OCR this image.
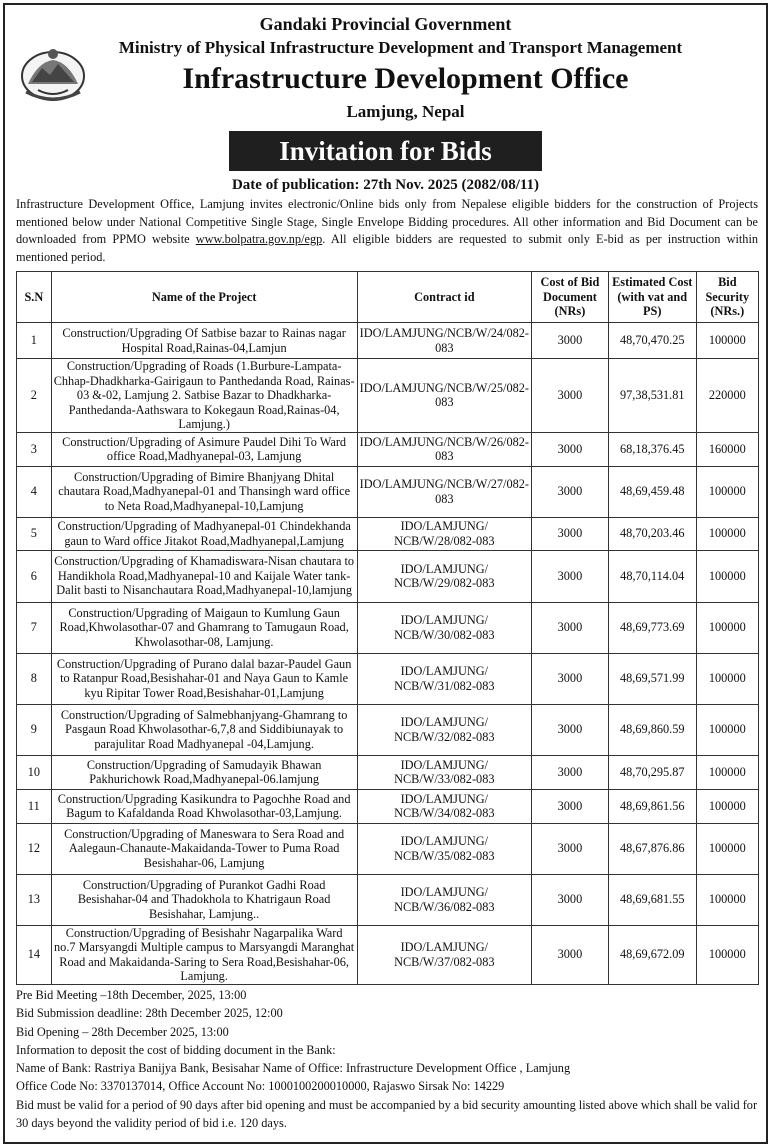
Gandaki Provincial Government
Ministry of Physical Infrastructure Development and Transport Management
Infrastructure Development Office
Lamjung, Nepal
Invitation for Bids
Date of publication: 27th Nov. 2025 (2082/08/11)
Infrastructure Development Office, Lamjung invites electronic/Online bids only from Nepalese eligible bidders for the construction of Projects mentioned below under National Competitive Single Stage, Single Envelope Bidding procedures. All other information and Bid Document can be downloaded from PPMO website www.bolpatra.gov.np/egp. All eligible bidders are requested to submit only E-bid as per instruction within mentioned period.
S.N	Name of the Project	Contract id	Cost of Bid Document (NRs)	Estimated Cost (with vat and PS)	Bid Security (NRs.)
1	Construction/Upgrading Of Satbise bazar to Rainas nagar Hospital Road,Rainas-04,Lamjun	IDO/LAMJUNG/NCB/W/24/082-083	3000	48,70,470.25	100000
2	Construction/Upgrading of Roads (1.Burbure-Lampata-Chhap-Dhadkharka-Gairigaun to Panthedanda Road, Rainas-03 &-02, Lamjung 2. Satbise Bazar to Dhadkharka-Panthedanda-Aathswara to Kokegaun Road,Rainas-04, Lamjung.)	IDO/LAMJUNG/NCB/W/25/082-083	3000	97,38,531.81	220000
3	Construction/Upgrading of Asimure Paudel Dihi To Ward office Road,Madhyanepal-03, Lamjung	IDO/LAMJUNG/NCB/W/26/082-083	3000	68,18,376.45	160000
4	Construction/Upgrading of Bimire Bhanjyang Dhital chautara Road,Madhyanepal-01 and Thansingh ward office to Neta Road,Madhyanepal-10,Lamjung	IDO/LAMJUNG/NCB/W/27/082-083	3000	48,69,459.48	100000
5	Construction/Upgrading of Madhyanepal-01 Chindekhanda gaun to Ward office Jitakot Road,Madhyanepal,Lamjung	IDO/LAMJUNG/ NCB/W/28/082-083	3000	48,70,203.46	100000
6	Construction/Upgrading of Khamadiswara-Nisan chautara to Handikhola Road,Madhyanepal-10 and Kaijale Water tank-Dalit basti to Nisanchautara Road,Madhyanepal-10,lamjung	IDO/LAMJUNG/ NCB/W/29/082-083	3000	48,70,114.04	100000
7	Construction/Upgrading of Maigaun to Kumlung Gaun Road,Khwolasothar-07 and Ghamrang to Tamugaun Road, Khwolasothar-08, Lamjung.	IDO/LAMJUNG/ NCB/W/30/082-083	3000	48,69,773.69	100000
8	Construction/Upgrading of Purano dalal bazar-Paudel Gaun to Ratanpur Road,Besishahar-01 and Naya Gaun to Kamle kyu Ripitar Tower Road,Besishahar-01,Lamjung	IDO/LAMJUNG/ NCB/W/31/082-083	3000	48,69,571.99	100000
9	Construction/Upgrading of Salmebhanjyang-Ghamrang to Pasgaun Road Khwolasothar-6,7,8 and Siddibiunayak to parajulitar Road Madhyanepal -04,Lamjung.	IDO/LAMJUNG/ NCB/W/32/082-083	3000	48,69,860.59	100000
10	Construction/Upgrading of Samudayik Bhawan Pakhurichowk Road,Madhyanepal-06.lamjung	IDO/LAMJUNG/ NCB/W/33/082-083	3000	48,70,295.87	100000
11	Construction/Upgrading Kasikundra to Pagochhe Road and Bagum to Kafaldanda Road Khwolasothar-03,Lamjung.	IDO/LAMJUNG/ NCB/W/34/082-083	3000	48,69,861.56	100000
12	Construction/Upgrading of Maneswara to Sera Road and Aalegaun-Chanaute-Makaidanda-Tower to Puma Road Besishahar-06, Lamjung	IDO/LAMJUNG/ NCB/W/35/082-083	3000	48,67,876.86	100000
13	Construction/Upgrading of Purankot Gadhi Road Besishahar-04 and Thadokhola to Khatrigaun Road Besishahar, Lamjung..	IDO/LAMJUNG/ NCB/W/36/082-083	3000	48,69,681.55	100000
14	Construction/Upgrading of Besishahr Nagarpalika Ward no.7 Marsyangdi Multiple campus to Marsyangdi Maranghat Road and Makaidanda-Saring to Sera Road,Besishahar-06, Lamjung.	IDO/LAMJUNG/ NCB/W/37/082-083	3000	48,69,672.09	100000
Pre Bid Meeting –18th December, 2025, 13:00
Bid Submission deadline: 28th December 2025, 12:00
Bid Opening – 28th December 2025, 13:00
Information to deposit the cost of bidding document in the Bank:
Name of Bank: Rastriya Banijya Bank, Besisahar Name of Office: Infrastructure Development Office , Lamjung
Office Code No: 3370137014, Office Account No: 1000100200010000, Rajaswo Sirsak No: 14229
Bid must be valid for a period of 90 days after bid opening and must be accompanied by a bid security amounting listed above which shall be valid for 30 days beyond the validity period of bid i.e. 120 days.
